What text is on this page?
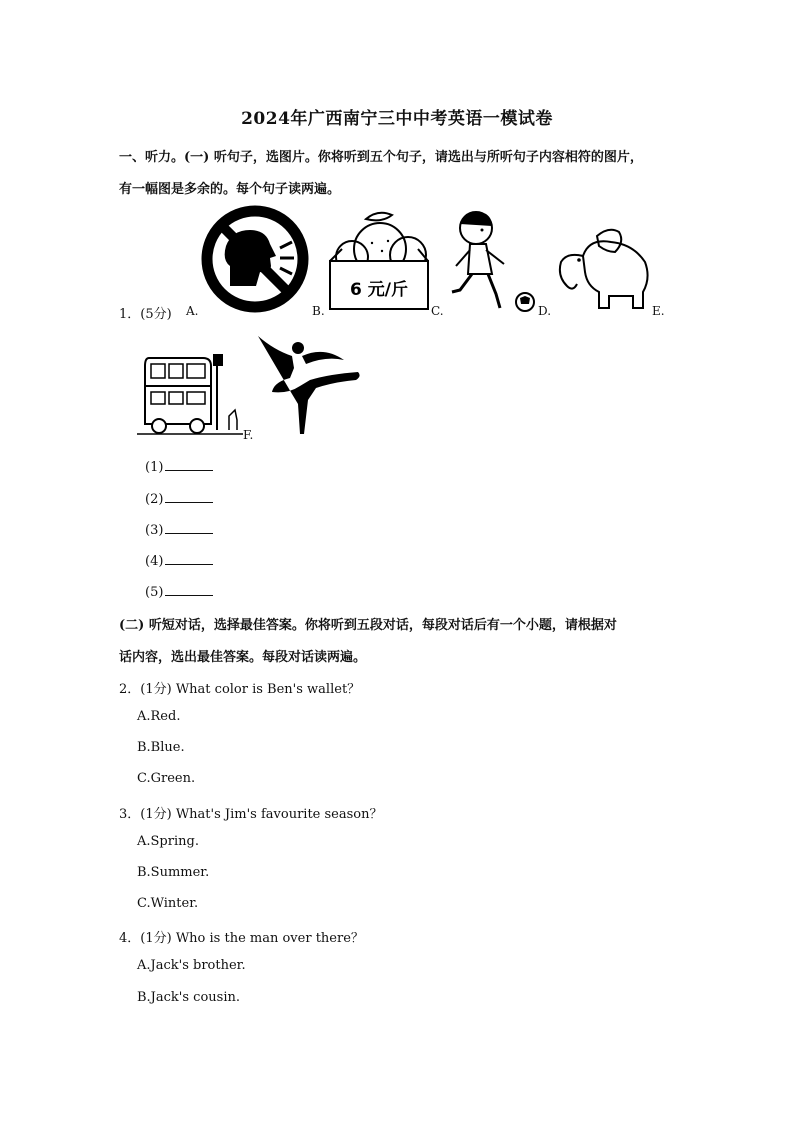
2024年广西南宁三中中考英语一模试卷
一、听力。(一) 听句子，选图片。你将听到五个句子，请选出与所听句子内容相符的图片，
有一幅图是多余的。每个句子读两遍。
6 元/斤
1．(5分) A.	B.	C.	D.	E.
F.
(1)
(2)
(3)
(4)
(5)
(二) 听短对话，选择最佳答案。你将听到五段对话，每段对话后有一个小题，请根据对
话内容，选出最佳答案。每段对话读两遍。
2．(1分) What color is Ben's wallet？
A.Red.
B.Blue.
C.Green.
3．(1分) What's Jim's favourite season？
A.Spring.
B.Summer.
C.Winter.
4．(1分) Who is the man over there？
A.Jack's brother.
B.Jack's cousin.
